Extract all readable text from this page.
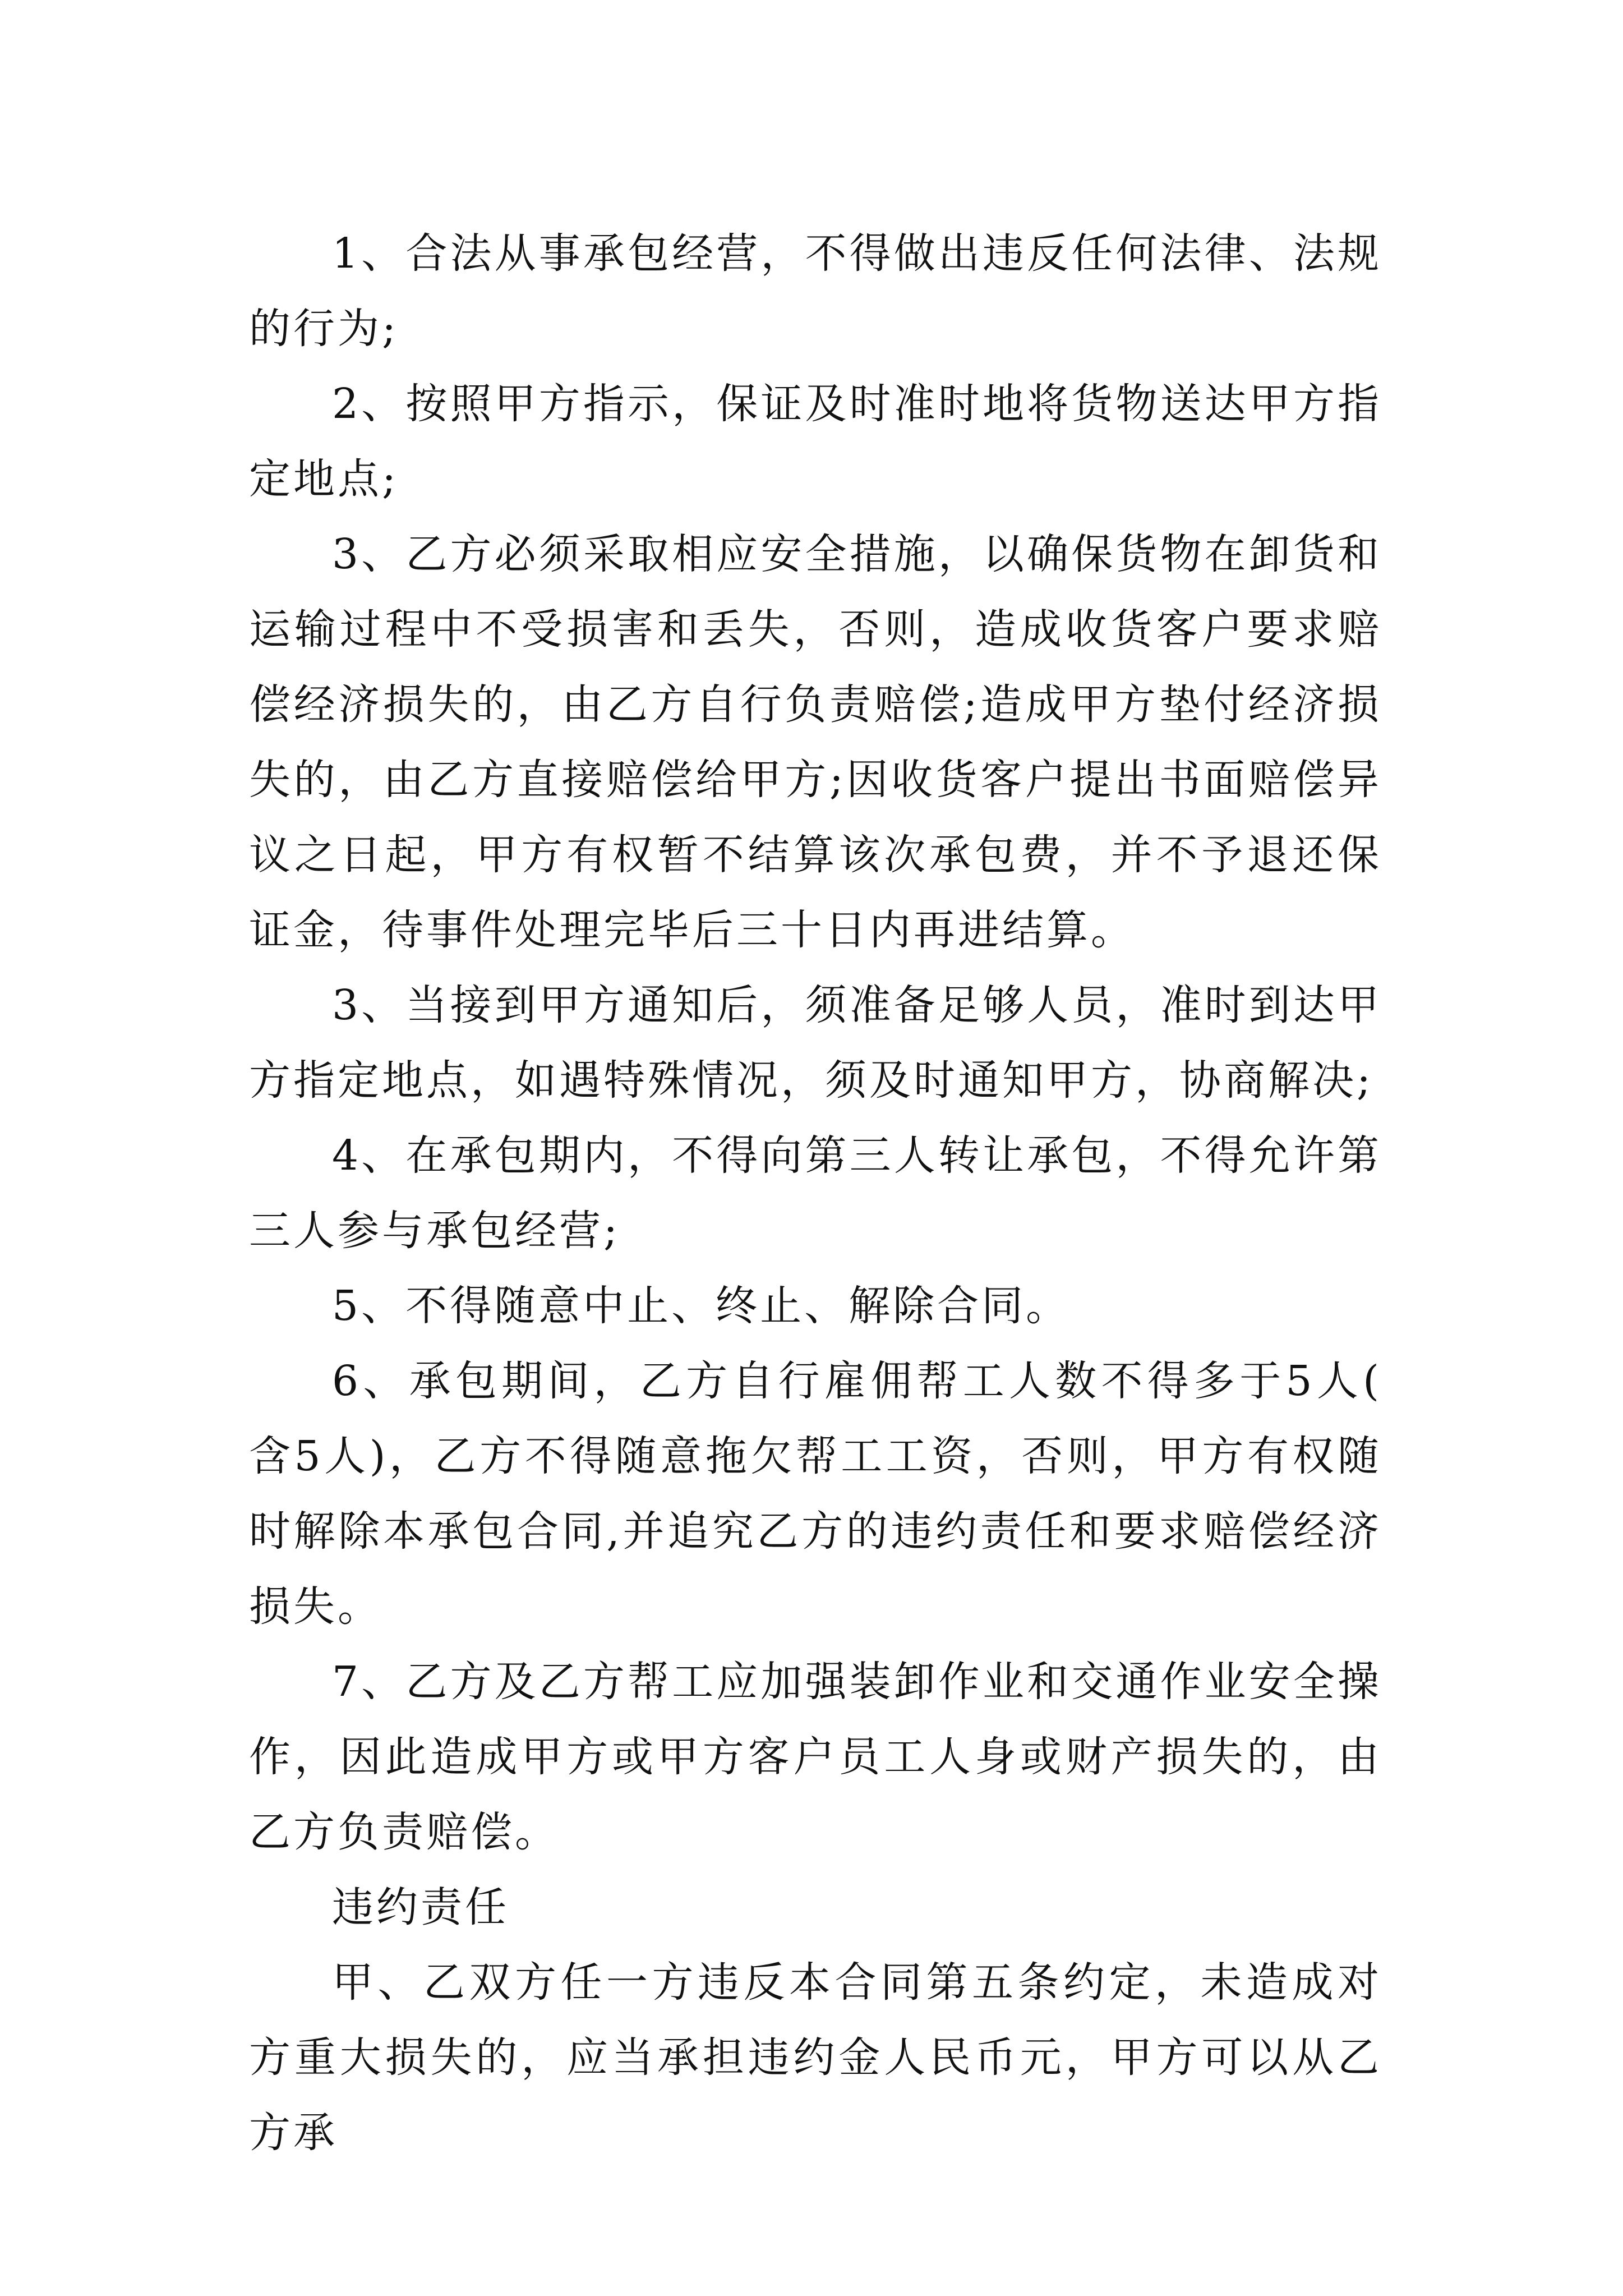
1、合法从事承包经营，不得做出违反任何法律、法规的行为;

2、按照甲方指示，保证及时准时地将货物送达甲方指定地点;

3、乙方必须采取相应安全措施，以确保货物在卸货和运输过程中不受损害和丢失，否则，造成收货客户要求赔偿经济损失的，由乙方自行负责赔偿;造成甲方垫付经济损失的，由乙方直接赔偿给甲方;因收货客户提出书面赔偿异议之日起，甲方有权暂不结算该次承包费，并不予退还保证金，待事件处理完毕后三十日内再进结算。

3、当接到甲方通知后，须准备足够人员，准时到达甲方指定地点，如遇特殊情况，须及时通知甲方，协商解决;

4、在承包期内，不得向第三人转让承包，不得允许第三人参与承包经营;

5、不得随意中止、终止、解除合同。

6、承包期间，乙方自行雇佣帮工人数不得多于5人(含5人)，乙方不得随意拖欠帮工工资，否则，甲方有权随时解除本承包合同,并追究乙方的违约责任和要求赔偿经济损失。

7、乙方及乙方帮工应加强装卸作业和交通作业安全操作，因此造成甲方或甲方客户员工人身或财产损失的，由乙方负责赔偿。

违约责任

甲、乙双方任一方违反本合同第五条约定，未造成对方重大损失的，应当承担违约金人民币元，甲方可以从乙方承
